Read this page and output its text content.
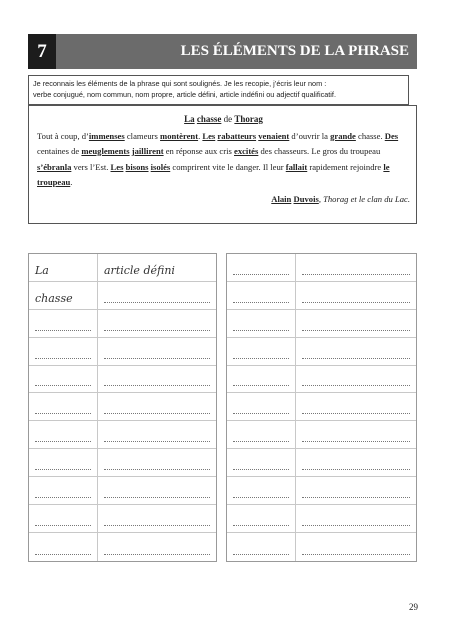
7	LES ÉLÉMENTS DE LA PHRASE
Je reconnais les éléments de la phrase qui sont soulignés. Je les recopie, j’écris leur nom :
verbe conjugué, nom commun, nom propre, article défini, article indéfini ou adjectif qualificatif.
La chasse de Thorag
Tout à coup, d’immenses clameurs montèrent. Les rabatteurs venaient d’ouvrir la grande chasse. Des centaines de meuglements jaillirent en réponse aux cris excités des chasseurs. Le gros du troupeau s’ébranla vers l’Est. Les bisons isolés comprirent vite le danger. Il leur fallait rapidement rejoindre le troupeau.
Alain Duvois, Thorag et le clan du Lac.
La	article défini
chasse
29
